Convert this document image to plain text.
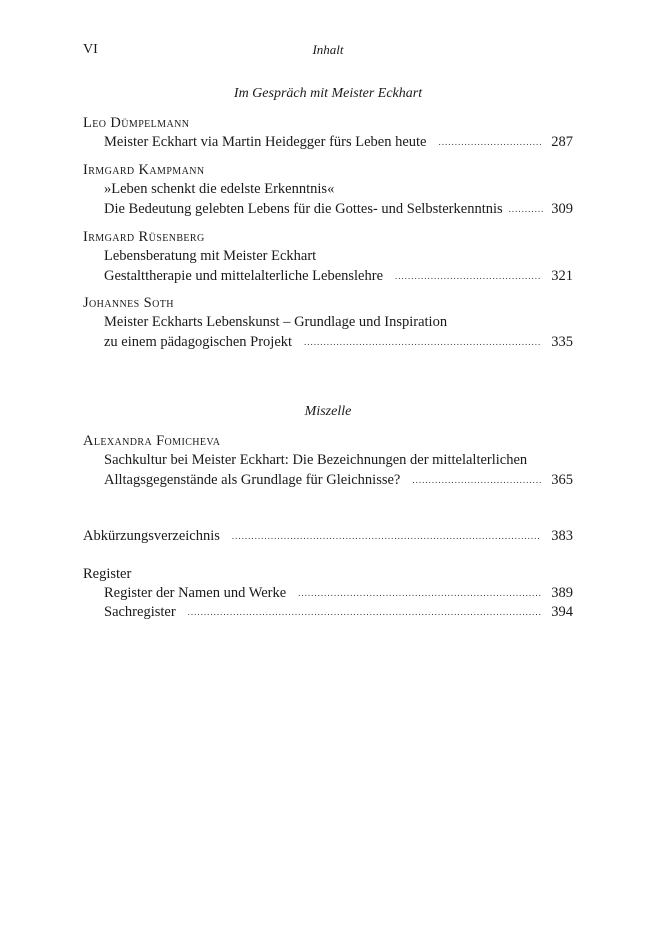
VI	Inhalt
Im Gespräch mit Meister Eckhart
Leo Dümpelmann
Meister Eckhart via Martin Heidegger fürs Leben heute .....	287
Irmgard Kampmann
»Leben schenkt die edelste Erkenntnis«
Die Bedeutung gelebten Lebens für die Gottes- und Selbsterkenntnis .....	309
Irmgard Rüsenberg
Lebensberatung mit Meister Eckhart
Gestalttherapie und mittelalterliche Lebenslehre .....	321
Johannes Soth
Meister Eckharts Lebenskunst – Grundlage und Inspiration
zu einem pädagogischen Projekt .....	335
Miszelle
Alexandra Fomicheva
Sachkultur bei Meister Eckhart: Die Bezeichnungen der mittelalterlichen
Alltagsgegenstände als Grundlage für Gleichnisse? .....	365
Abkürzungsverzeichnis .....	383
Register
Register der Namen und Werke .....	389
Sachregister .....	394
